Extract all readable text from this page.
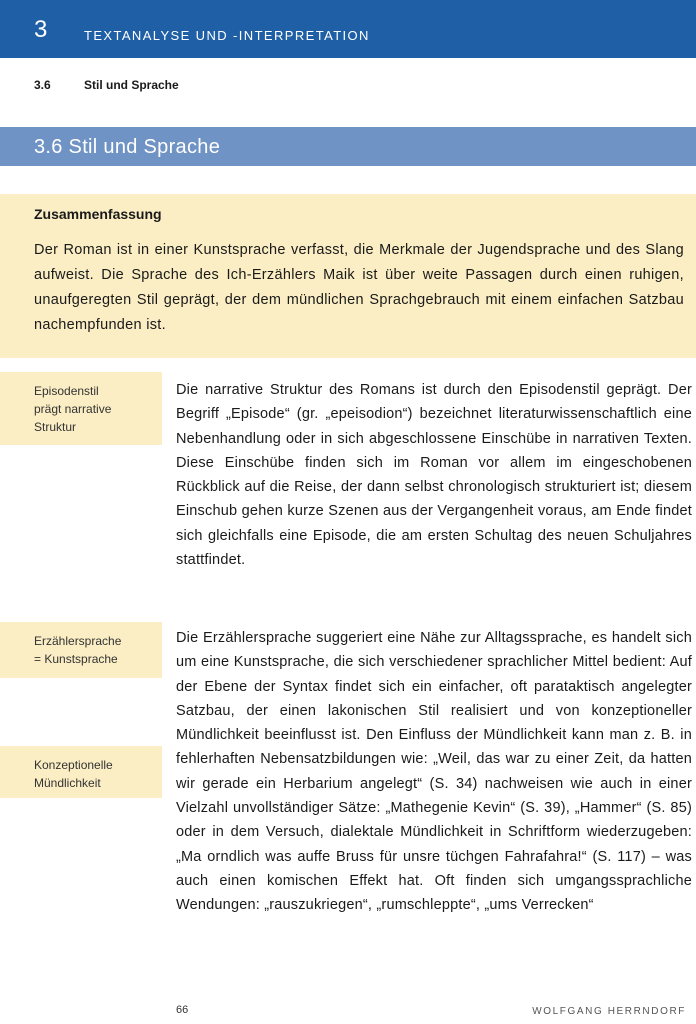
3	TEXTANALYSE UND -INTERPRETATION
3.6	Stil und Sprache
3.6 Stil und Sprache
Zusammenfassung

Der Roman ist in einer Kunstsprache verfasst, die Merkmale der Jugendsprache und des Slang aufweist. Die Sprache des Ich-Erzählers Maik ist über weite Passagen durch einen ruhigen, unaufgeregten Stil geprägt, der dem mündlichen Sprachgebrauch mit einem einfachen Satzbau nachempfunden ist.

Episodenstil
prägt narrative
Struktur
Erzählersprache
= Kunstsprache
Konzeptionelle
Mündlichkeit

Die narrative Struktur des Romans ist durch den Episodenstil geprägt. Der Begriff „Episode“ (gr. „epeisodion“) bezeichnet literaturwissenschaftlich eine Nebenhandlung oder in sich abgeschlossene Einschübe in narrativen Texten. Diese Einschübe finden sich im Roman vor allem im eingeschobenen Rückblick auf die Reise, der dann selbst chronologisch strukturiert ist; diesem Einschub gehen kurze Szenen aus der Vergangenheit voraus, am Ende findet sich gleichfalls eine Episode, die am ersten Schultag des neuen Schuljahres stattfindet.

Die Erzählersprache suggeriert eine Nähe zur Alltagssprache, es handelt sich um eine Kunstsprache, die sich verschiedener sprachlicher Mittel bedient: Auf der Ebene der Syntax findet sich ein einfacher, oft parataktisch angelegter Satzbau, der einen lakonischen Stil realisiert und von konzeptioneller Mündlichkeit beeinflusst ist. Den Einfluss der Mündlichkeit kann man z. B. in fehlerhaften Nebensatzbildungen wie: „Weil, das war zu einer Zeit, da hatten wir gerade ein Herbarium angelegt“ (S. 34) nachweisen wie auch in einer Vielzahl unvollständiger Sätze: „Mathegenie Kevin“ (S. 39), „Hammer“ (S. 85) oder in dem Versuch, dialektale Mündlichkeit in Schriftform wiederzugeben: „Ma orndlich was auffe Bruss für unsre tüchgen Fahrafahra!“ (S. 117) – was auch einen komischen Effekt hat. Oft finden sich umgangssprachliche Wendungen: „rauszukriegen“, „rumschleppte“, „ums Verrecken“

66	WOLFGANG HERRNDORF
